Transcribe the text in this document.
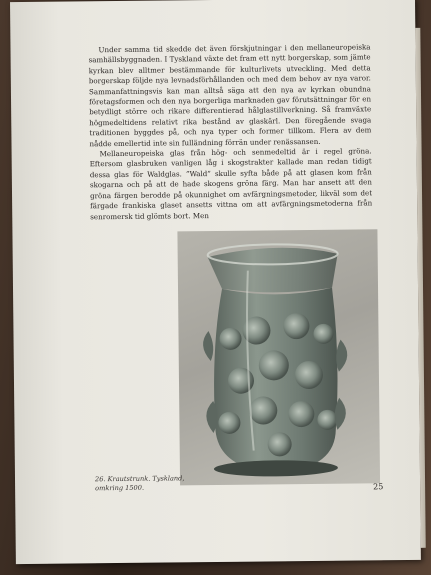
Under samma tid skedde det även förskjutningar i den mellaneuropeiska samhällsbyggnaden. I Tyskland växte det fram ett nytt borgerskap, som jämte kyrkan blev alltmer bestämmande för kulturlivets utveckling. Med detta borgerskap följde nya levnadsförhållanden och med dem behov av nya varor. Sammanfattningsvis kan man alltså säga att den nya av kyrkan obundna företagsformen och den nya borgerliga marknaden gav förutsättningar för en betydligt större och rikare differentierad hålglastillverkning. Så framväxte högmedeltidens relativt rika bestånd av glaskärl. Den föregående svaga traditionen byggdes på, och nya typer och former tillkom. Flera av dem nådde emellertid inte sin fulländning förrän under renässansen.

Mellaneuropeiska glas från hög- och senmedeltid är i regel gröna. Eftersom glasbruken vanligen låg i skogstrakter kallade man redan tidigt dessa glas för Waldglas. ”Wald” skulle syfta både på att glasen kom från skogarna och på att de hade skogens gröna färg. Man har ansett att den gröna färgen berodde på okunnighet om avfärgningsmetoder, likväl som det färgade frankiska glaset ansetts vittna om att avfärgningsmetoderna från senromersk tid glömts bort. Men

26. Krautstrunk. Tyskland, omkring 1500.	25
